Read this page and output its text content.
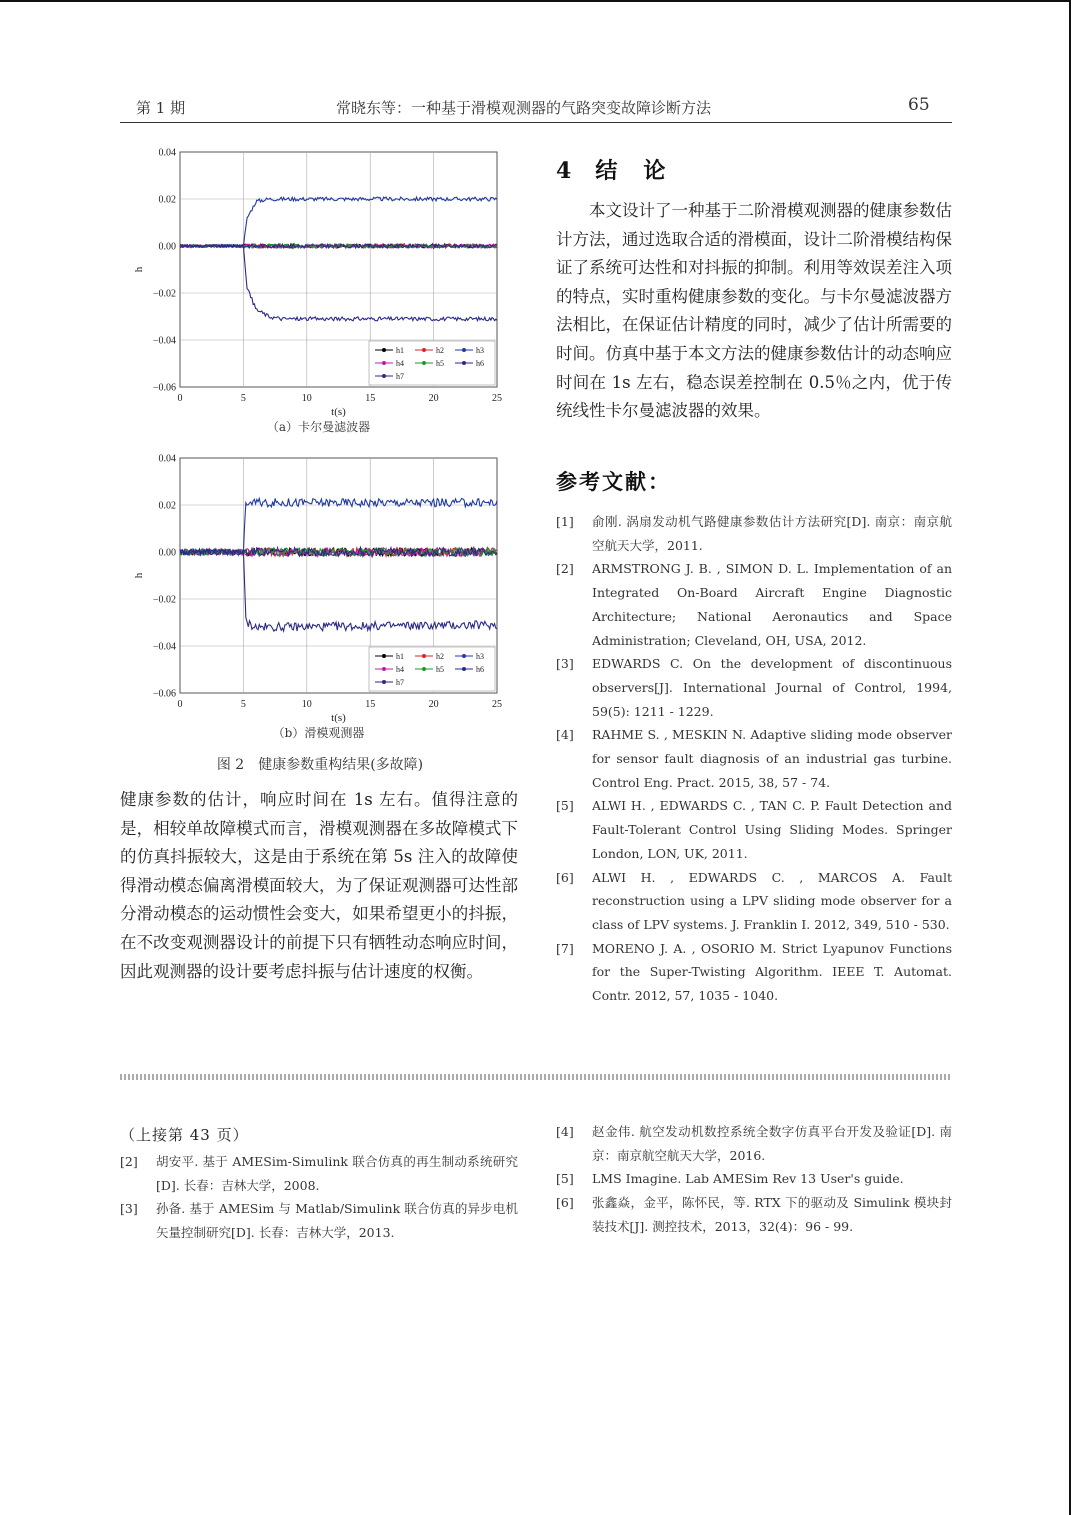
第 1 期	常晓东等：一种基于滑模观测器的气路突变故障诊断方法	65
0	5	10	15	20	25
0.04
0.02
0.00
−0.02
−0.04
−0.06
t(s)
h
h1	h2	h3
h4	h5	h6
h7
（a）卡尔曼滤波器
0	5	10	15	20	25
0.04
0.02
0.00
−0.02
−0.04
−0.06
t(s)
h
h1	h2	h3
h4	h5	h6
h7
（b）滑模观测器
图 2　健康参数重构结果(多故障)
健康参数的估计，响应时间在 1s 左右。值得注意的是，相较单故障模式而言，滑模观测器在多故障模式下的仿真抖振较大，这是由于系统在第 5s 注入的故障使得滑动模态偏离滑模面较大，为了保证观测器可达性部分滑动模态的运动惯性会变大，如果希望更小的抖振，在不改变观测器设计的前提下只有牺牲动态响应时间，因此观测器的设计要考虑抖振与估计速度的权衡。
4 结　论
本文设计了一种基于二阶滑模观测器的健康参数估计方法，通过选取合适的滑模面，设计二阶滑模结构保证了系统可达性和对抖振的抑制。利用等效误差注入项的特点，实时重构健康参数的变化。与卡尔曼滤波器方法相比，在保证估计精度的同时，减少了估计所需要的时间。仿真中基于本文方法的健康参数估计的动态响应时间在 1s 左右，稳态误差控制在 0.5％之内，优于传统线性卡尔曼滤波器的效果。
参考文献：
[1] 俞刚. 涡扇发动机气路健康参数估计方法研究[D]. 南京：南京航空航天大学，2011.
[2] ARMSTRONG J. B. , SIMON D. L. Implementation of an Integrated On-Board Aircraft Engine Diagnostic Architecture; National Aeronautics and Space Administration; Cleveland, OH, USA, 2012.
[3] EDWARDS C. On the development of discontinuous observers[J]. International Journal of Control, 1994, 59(5): 1211 - 1229.
[4] RAHME S. , MESKIN N. Adaptive sliding mode observer for sensor fault diagnosis of an industrial gas turbine. Control Eng. Pract. 2015, 38, 57 - 74.
[5] ALWI H. , EDWARDS C. , TAN C. P. Fault Detection and Fault-Tolerant Control Using Sliding Modes. Springer London, LON, UK, 2011.
[6] ALWI H. , EDWARDS C. , MARCOS A. Fault reconstruction using a LPV sliding mode observer for a class of LPV systems. J. Franklin I. 2012, 349, 510 - 530.
[7] MORENO J. A. , OSORIO M. Strict Lyapunov Functions for the Super-Twisting Algorithm. IEEE T. Automat. Contr. 2012, 57, 1035 - 1040.
（上接第 43 页）
[2] 胡安平. 基于 AMESim-Simulink 联合仿真的再生制动系统研究[D]. 长春：吉林大学，2008.
[3] 孙备. 基于 AMESim 与 Matlab/Simulink 联合仿真的异步电机矢量控制研究[D]. 长春：吉林大学，2013.
[4] 赵金伟. 航空发动机数控系统全数字仿真平台开发及验证[D]. 南京：南京航空航天大学，2016.
[5] LMS Imagine. Lab AMESim Rev 13 User's guide.
[6] 张鑫焱，金平，陈怀民，等. RTX 下的驱动及 Simulink 模块封装技术[J]. 测控技术，2013，32(4)：96 - 99.
